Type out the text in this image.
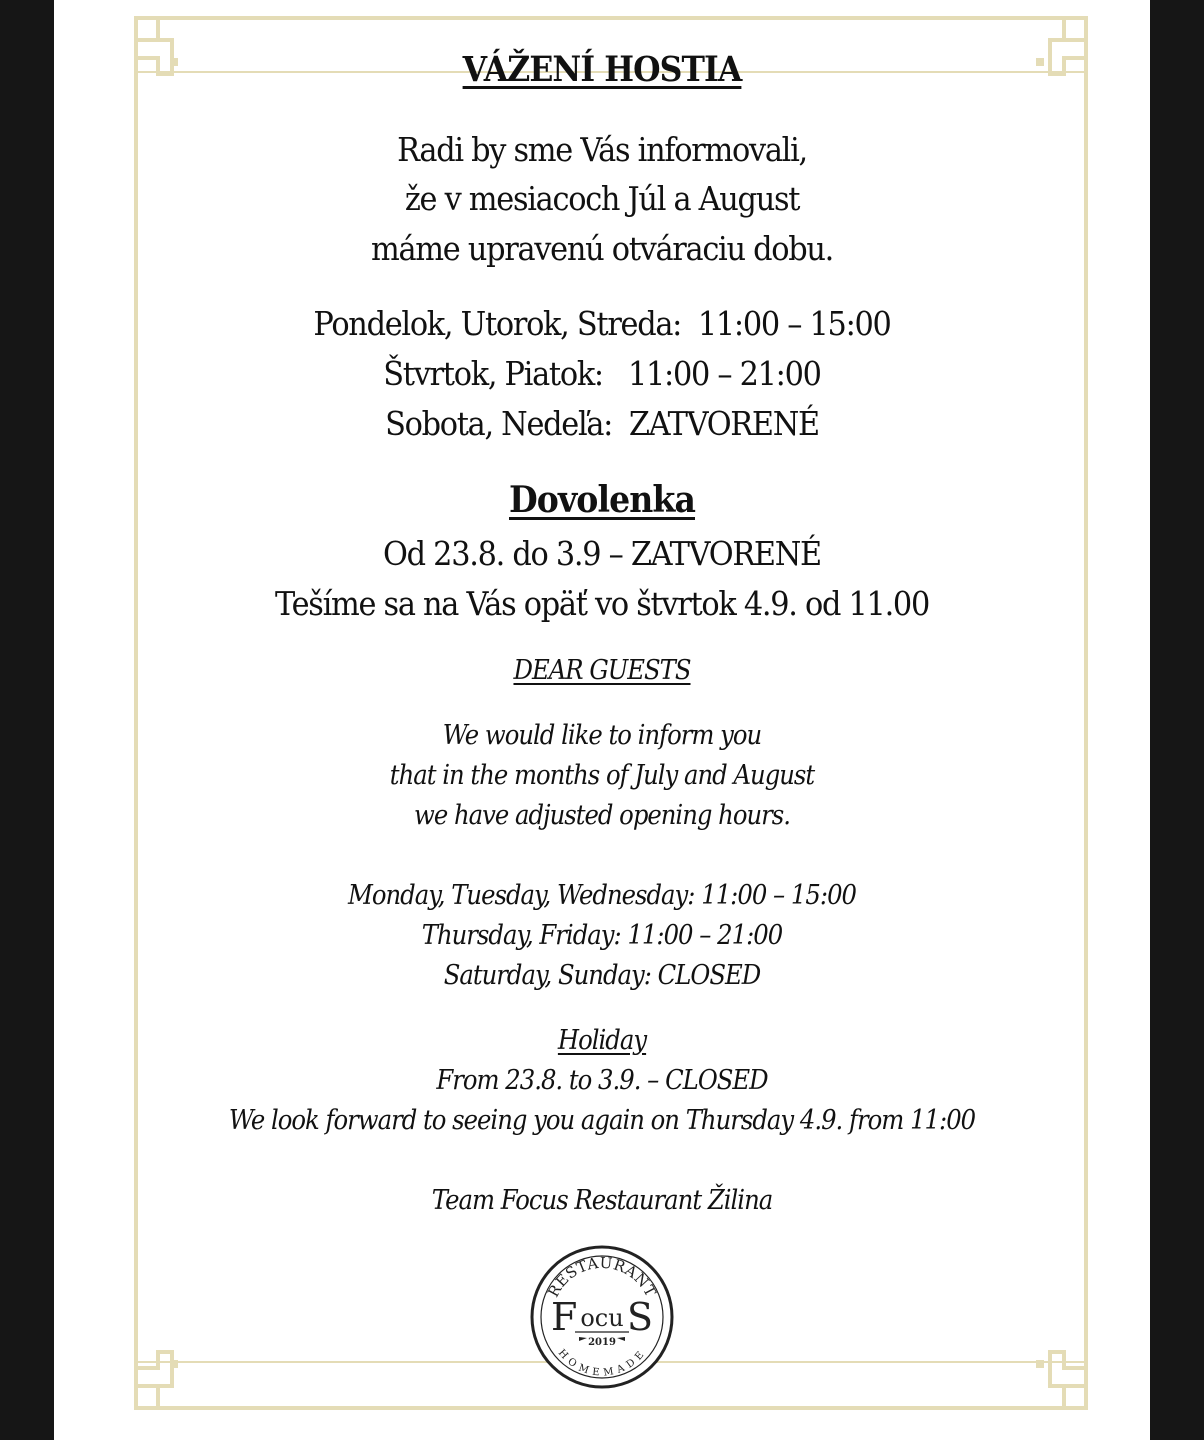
VÁŽENÍ HOSTIA
Radi by sme Vás informovali,
že v mesiacoch Júl a August
máme upravenú otváraciu dobu.
Pondelok, Utorok, Streda:  11:00 – 15:00
Štvrtok, Piatok:   11:00 – 21:00
Sobota, Nedeľa:  ZATVORENÉ
Dovolenka
Od 23.8. do 3.9 – ZATVORENÉ
Tešíme sa na Vás opäť vo štvrtok 4.9. od 11.00
DEAR GUESTS
We would like to inform you
that in the months of July and August
we have adjusted opening hours.
Monday, Tuesday, Wednesday: 11:00 – 15:00
Thursday, Friday: 11:00 – 21:00
Saturday, Sunday: CLOSED
Holiday
From 23.8. to 3.9. – CLOSED
We look forward to seeing you again on Thursday 4.9. from 11:00
Team Focus Restaurant Žilina
RESTAURANT
HOMEMADE
F ocu S
2019
